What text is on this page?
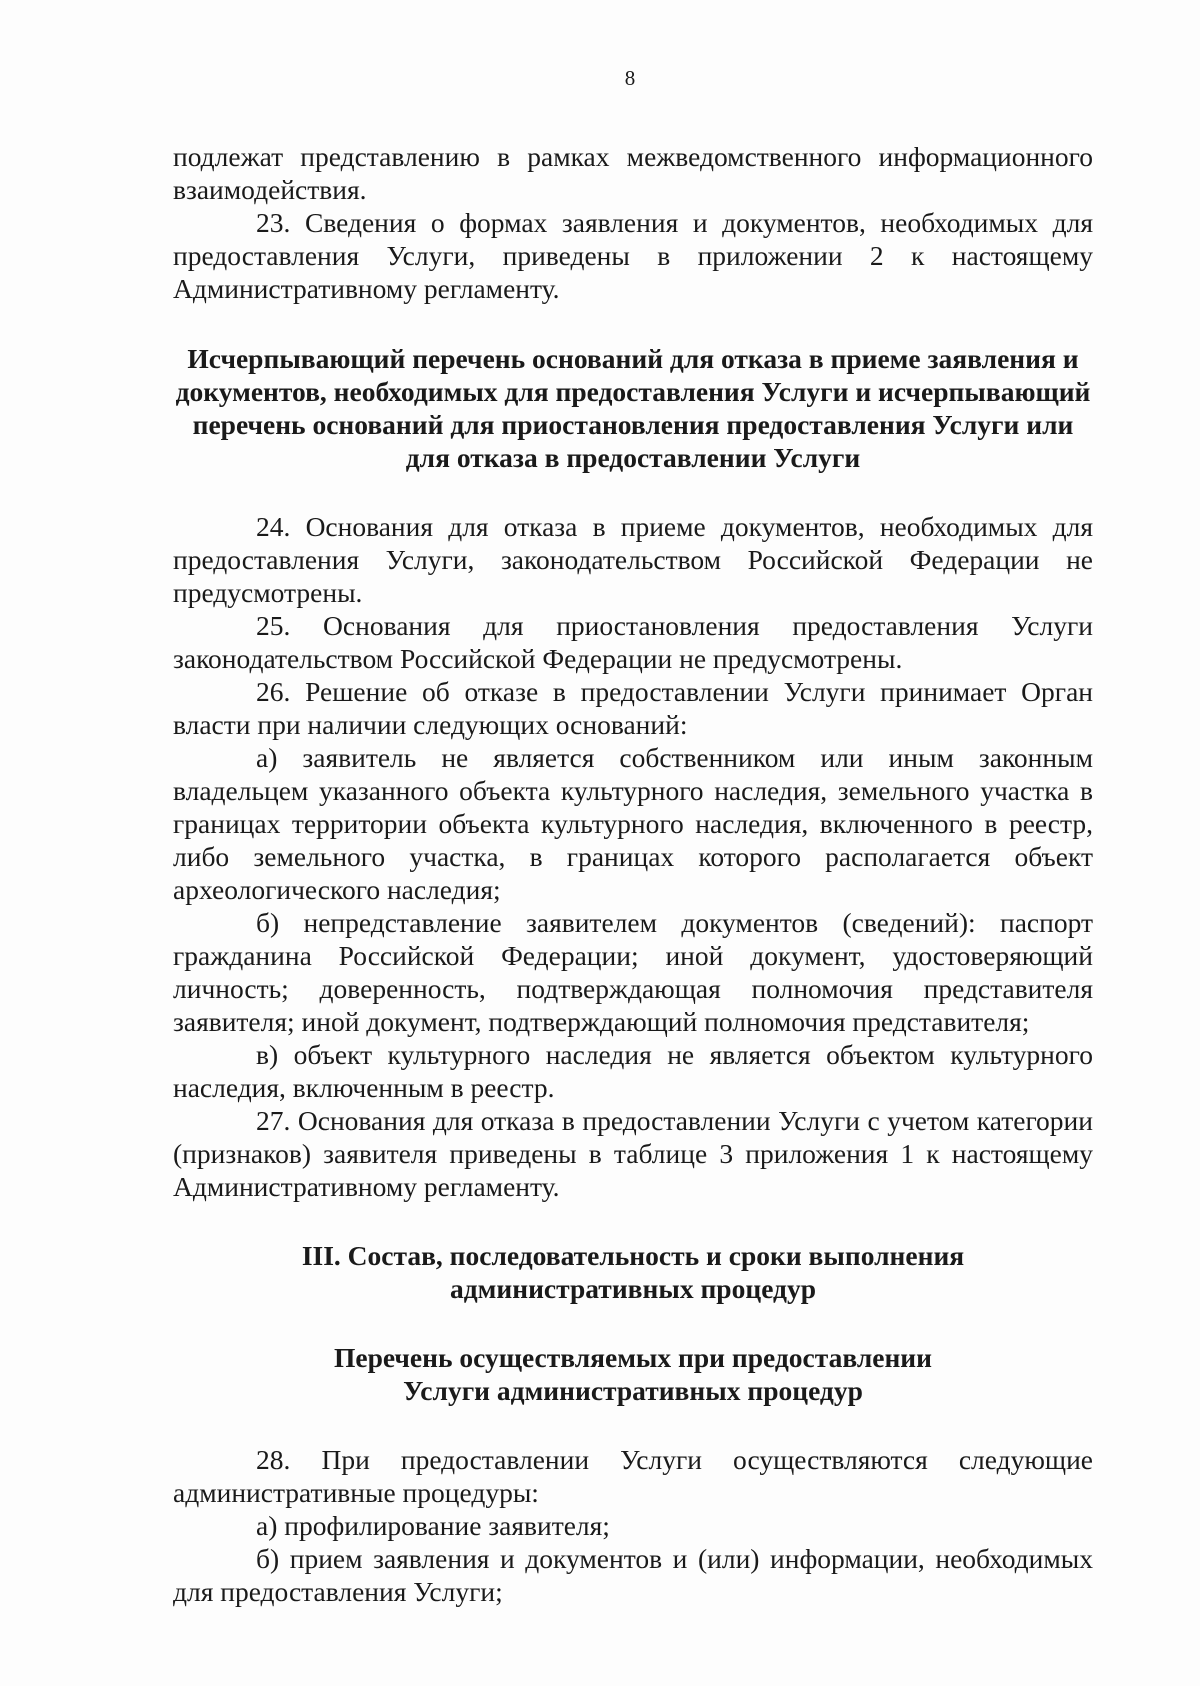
8

подлежат представлению в рамках межведомственного информационного взаимодействия.

23. Сведения о формах заявления и документов, необходимых для предоставления Услуги, приведены в приложении 2 к настоящему Административному регламенту.

Исчерпывающий перечень оснований для отказа в приеме заявления и документов, необходимых для предоставления Услуги и исчерпывающий перечень оснований для приостановления предоставления Услуги или для отказа в предоставлении Услуги

24. Основания для отказа в приеме документов, необходимых для предоставления Услуги, законодательством Российской Федерации не предусмотрены.

25. Основания для приостановления предоставления Услуги законодательством Российской Федерации не предусмотрены.

26. Решение об отказе в предоставлении Услуги принимает Орган власти при наличии следующих оснований:

а) заявитель не является собственником или иным законным владельцем указанного объекта культурного наследия, земельного участка в границах территории объекта культурного наследия, включенного в реестр, либо земельного участка, в границах которого располагается объект археологического наследия;

б) непредставление заявителем документов (сведений): паспорт гражданина Российской Федерации; иной документ, удостоверяющий личность; доверенность, подтверждающая полномочия представителя заявителя; иной документ, подтверждающий полномочия представителя;

в) объект культурного наследия не является объектом культурного наследия, включенным в реестр.

27. Основания для отказа в предоставлении Услуги с учетом категории (признаков) заявителя приведены в таблице 3 приложения 1 к настоящему Административному регламенту.

III. Состав, последовательность и сроки выполнения административных процедур

Перечень осуществляемых при предоставлении Услуги административных процедур

28. При предоставлении Услуги осуществляются следующие административные процедуры:

а) профилирование заявителя;

б) прием заявления и документов и (или) информации, необходимых для предоставления Услуги;
